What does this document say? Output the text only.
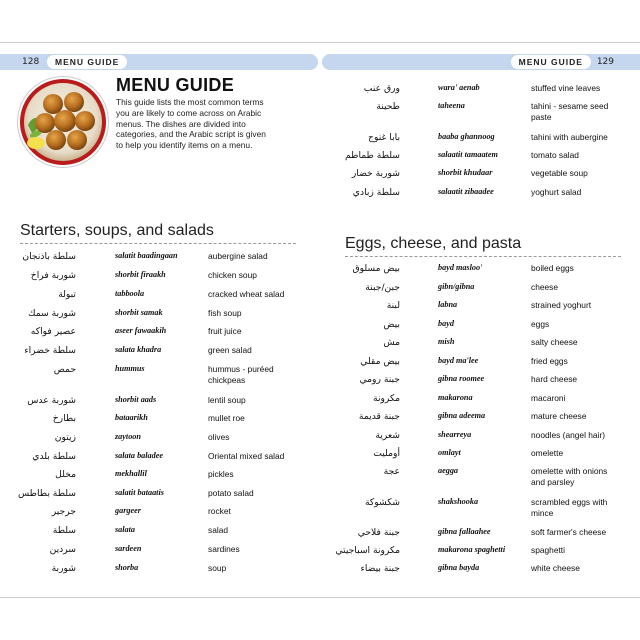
128 MENU GUIDE	MENU GUIDE 129
MENU GUIDE
This guide lists the most common terms you are likely to come across on Arabic menus. The dishes are divided into categories, and the Arabic script is given to help you identify items on a menu.
Starters, soups, and salads
Eggs, cheese, and pasta
سلطة باذنجان	salatit baadingaan	aubergine salad
شوربة فراخ	shorbit firaakh	chicken soup
تبولة	tabboola	cracked wheat salad
شوربة سمك	shorbit samak	fish soup
عصير فواكه	aseer fawaakih	fruit juice
سلطة خضراء	salata khadra	green salad
حمص	hummus	hummus - puréed chickpeas
شوربة عدس	shorbit aads	lentil soup
بطارخ	bataarikh	mullet roe
زيتون	zaytoon	olives
سلطة بلدي	salata baladee	Oriental mixed salad
مخلل	mekhallil	pickles
سلطة بطاطس	salatit bataatis	potato salad
جرجير	gargeer	rocket
سلطة	salata	salad
سردين	sardeen	sardines
شوربة	shorba	soup
ورق عنب	wara' aenab	stuffed vine leaves
طحينة	taheena	tahini - sesame seed paste
بابا غنوج	baaba ghannoog	tahini with aubergine
سلطة طماطم	salaatit tamaatem	tomato salad
شوربة خضار	shorbit khudaar	vegetable soup
سلطة زبادي	salaatit zibaadee	yoghurt salad
بيض مسلوق	bayd masloo'	boiled eggs
جبن/جبنة	gibn/gibna	cheese
لبنة	labna	strained yoghurt
بيض	bayd	eggs
مش	mish	salty cheese
بيض مقلي	bayd ma'lee	fried eggs
جبنة رومي	gibna roomee	hard cheese
مكرونة	makarona	macaroni
جبنة قديمة	gibna adeema	mature cheese
شعرية	shearreya	noodles (angel hair)
أومليت	omlayt	omelette
عجة	aegga	omelette with onions and parsley
شكشوكة	shakshooka	scrambled eggs with mince
جبنة فلاحي	gibna fallaahee	soft farmer's cheese
مكرونة اسباجيتي	makarona spaghetti	spaghetti
جبنة بيضاء	gibna bayda	white cheese
